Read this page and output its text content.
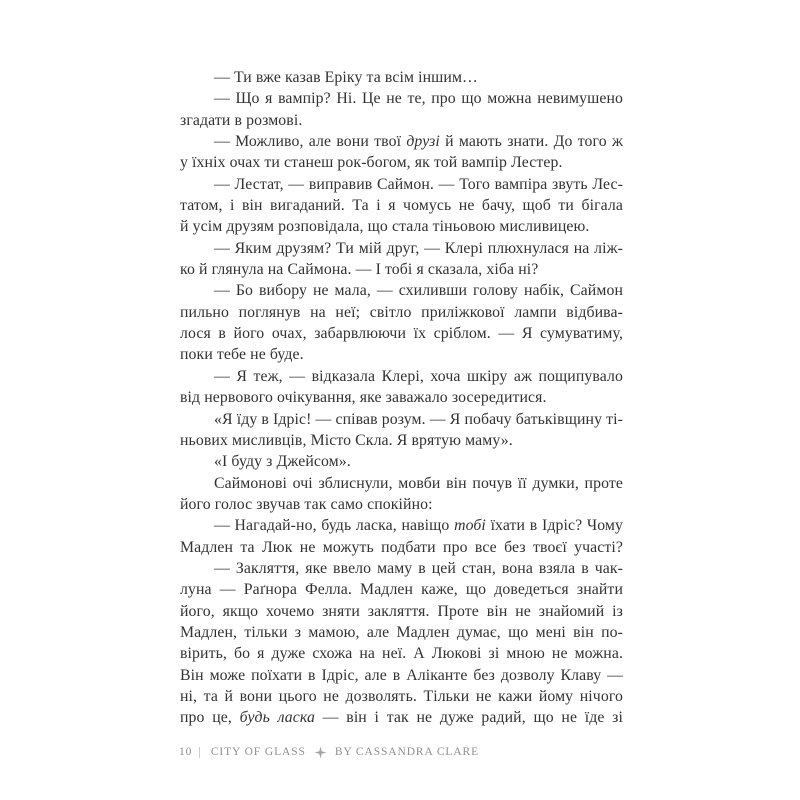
— Ти вже казав Еріку та всім іншим…
— Що я вампір? Ні. Це не те, про що можна невимушено
згадати в розмові.
— Можливо, але вони твої друзі й мають знати. До того ж
у їхніх очах ти станеш рок-богом, як той вампір Лестер.
— Лестат, — виправив Саймон. — Того вампіра звуть Лес-
татом, і він вигаданий. Та і я чомусь не бачу, щоб ти бігала
й усім друзям розповідала, що стала тіньовою мисливицею.
— Яким друзям? Ти мій друг, — Клері плюхнулася на ліж-
ко й глянула на Саймона. — І тобі я сказала, хіба ні?
— Бо вибору не мала, — схиливши голову набік, Саймон
пильно поглянув на неї; світло приліжкової лампи відбива-
лося в його очах, забарвлюючи їх сріблом. — Я сумуватиму,
поки тебе не буде.
— Я теж, — відказала Клері, хоча шкіру аж пощипувало
від нервового очікування, яке заважало зосередитися.
«Я їду в Ідріс! — співав розум. — Я побачу батьківщину ті-
ньових мисливців, Місто Скла. Я врятую маму».
«І буду з Джейсом».
Саймонові очі зблиснули, мовби він почув її думки, проте
його голос звучав так само спокійно:
— Нагадай-но, будь ласка, навіщо тобі їхати в Ідріс? Чому
Мадлен та Люк не можуть подбати про все без твоєї участі?
— Закляття, яке ввело маму в цей стан, вона взяла в чак-
луна — Раґнора Фелла. Мадлен каже, що доведеться знайти
його, якщо хочемо зняти закляття. Проте він не знайомий із
Мадлен, тільки з мамою, але Мадлен думає, що мені він по-
вірить, бо я дуже схожа на неї. А Люкові зі мною не можна.
Він може поїхати в Ідріс, але в Аліканте без дозволу Клаву —
ні, та й вони цього не дозволять. Тільки не кажи йому нічого
про це, будь ласка — він і так не дуже радий, що не їде зі
10 | CITY OF GLASS	BY CASSANDRA CLARE
